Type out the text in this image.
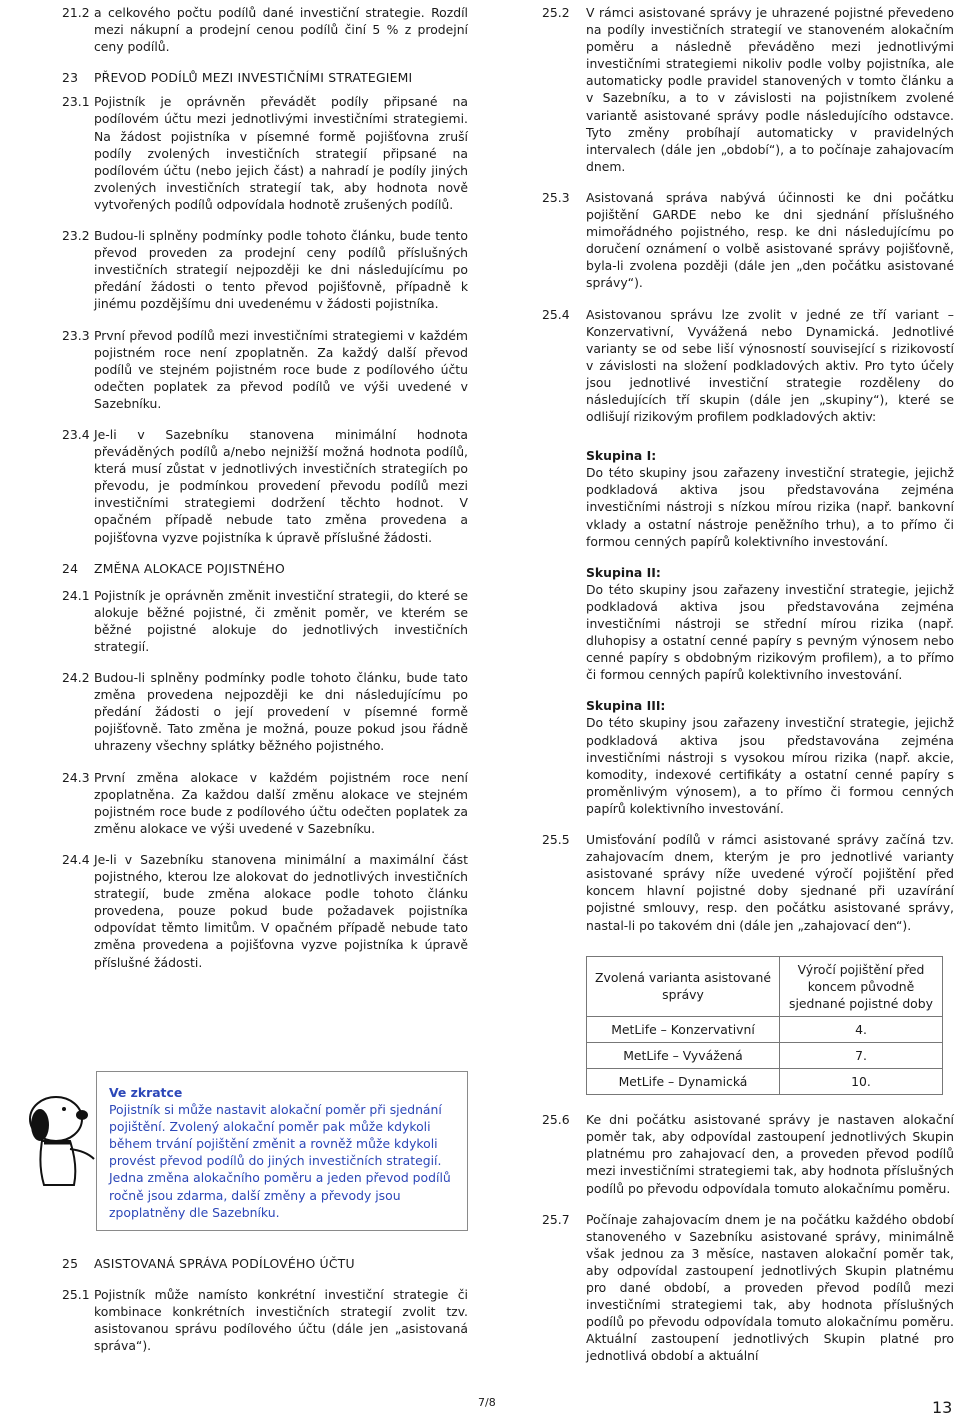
21.2 a celkového počtu podílů dané investiční strategie. Rozdíl mezi nákupní a prodejní cenou podílů činí 5 % z prodejní ceny podílů.
23 PŘEVOD PODÍLŮ MEZI INVESTIČNÍMI STRATEGIEMI
23.1 Pojistník je oprávněn převádět podíly připsané na podílovém účtu mezi jednotlivými investičními strategiemi. Na žádost pojistníka v písemné formě pojišťovna zruší podíly zvolených investičních strategií připsané na podílovém účtu (nebo jejich část) a nahradí je podíly jiných zvolených investičních strategií tak, aby hodnota nově vytvořených podílů odpovídala hodnotě zrušených podílů.
23.2 Budou-li splněny podmínky podle tohoto článku, bude tento převod proveden za prodejní ceny podílů příslušných investičních strategií nejpozději ke dni následujícímu po předání žádosti o tento převod pojišťovně, případně k jinému pozdějšímu dni uvedenému v žádosti pojistníka.
23.3 První převod podílů mezi investičními strategiemi v každém pojistném roce není zpoplatněn. Za každý další převod podílů ve stejném pojistném roce bude z podílového účtu odečten poplatek za převod podílů ve výši uvedené v Sazebníku.
23.4 Je-li v Sazebníku stanovena minimální hodnota převáděných podílů a/nebo nejnižší možná hodnota podílů, která musí zůstat v jednotlivých investičních strategiích po převodu, je podmínkou provedení převodu podílů mezi investičními strategiemi dodržení těchto hodnot. V opačném případě nebude tato změna provedena a pojišťovna vyzve pojistníka k úpravě příslušné žádosti.
24 ZMĚNA ALOKACE POJISTNÉHO
24.1 Pojistník je oprávněn změnit investiční strategii, do které se alokuje běžné pojistné, či změnit poměr, ve kterém se běžné pojistné alokuje do jednotlivých investičních strategií.
24.2 Budou-li splněny podmínky podle tohoto článku, bude tato změna provedena nejpozději ke dni následujícímu po předání žádosti o její provedení v písemné formě pojišťovně. Tato změna je možná, pouze pokud jsou řádně uhrazeny všechny splátky běžného pojistného.
24.3 První změna alokace v každém pojistném roce není zpoplatněna. Za každou další změnu alokace ve stejném pojistném roce bude z podílového účtu odečten poplatek za změnu alokace ve výši uvedené v Sazebníku.
24.4 Je-li v Sazebníku stanovena minimální a maximální část pojistného, kterou lze alokovat do jednotlivých investičních strategií, bude změna alokace podle tohoto článku provedena, pouze pokud bude požadavek pojistníka odpovídat těmto limitům. V opačném případě nebude tato změna provedena a pojišťovna vyzve pojistníka k úpravě příslušné žádosti.
Ve zkratce
Pojistník si může nastavit alokační poměr při sjednání pojištění. Zvolený alokační poměr pak může kdykoli během trvání pojištění změnit a rovněž může kdykoli provést převod podílů do jiných investičních strategií. Jedna změna alokačního poměru a jeden převod podílů ročně jsou zdarma, další změny a převody jsou zpoplatněny dle Sazebníku.
25 ASISTOVANÁ SPRÁVA PODÍLOVÉHO ÚČTU
25.1 Pojistník může namísto konkrétní investiční strategie či kombinace konkrétních investičních strategií zvolit tzv. asistovanou správu podílového účtu (dále jen „asistovaná správa“).
25.2 V rámci asistované správy je uhrazené pojistné převedeno na podíly investičních strategií ve stanoveném alokačním poměru a následně převáděno mezi jednotlivými investičními strategiemi nikoliv podle volby pojistníka, ale automaticky podle pravidel stanovených v tomto článku a v Sazebníku, a to v závislosti na pojistníkem zvolené variantě asistované správy podle následujícího odstavce. Tyto změny probíhají automaticky v pravidelných intervalech (dále jen „období“), a to počínaje zahajovacím dnem.
25.3 Asistovaná správa nabývá účinnosti ke dni počátku pojištění GARDE nebo ke dni sjednání příslušného mimořádného pojistného, resp. ke dni následujícímu po doručení oznámení o volbě asistované správy pojišťovně, byla-li zvolena později (dále jen „den počátku asistované správy“).
25.4 Asistovanou správu lze zvolit v jedné ze tří variant – Konzervativní, Vyvážená nebo Dynamická. Jednotlivé varianty se od sebe liší výnosností související s rizikovostí v závislosti na složení podkladových aktiv. Pro tyto účely jsou jednotlivé investiční strategie rozděleny do následujících tří skupin (dále jen „skupiny“), které se odlišují rizikovým profilem podkladových aktiv:
Skupina I:
Do této skupiny jsou zařazeny investiční strategie, jejichž podkladová aktiva jsou představována zejména investičními nástroji s nízkou mírou rizika (např. bankovní vklady a ostatní nástroje peněžního trhu), a to přímo či formou cenných papírů kolektivního investování.
Skupina II:
Do této skupiny jsou zařazeny investiční strategie, jejichž podkladová aktiva jsou představována zejména investičními nástroji se střední mírou rizika (např. dluhopisy a ostatní cenné papíry s pevným výnosem nebo cenné papíry s obdobným rizikovým profilem), a to přímo či formou cenných papírů kolektivního investování.
Skupina III:
Do této skupiny jsou zařazeny investiční strategie, jejichž podkladová aktiva jsou představována zejména investičními nástroji s vysokou mírou rizika (např. akcie, komodity, indexové certifikáty a ostatní cenné papíry s proměnlivým výnosem), a to přímo či formou cenných papírů kolektivního investování.
25.5 Umisťování podílů v rámci asistované správy začíná tzv. zahajovacím dnem, kterým je pro jednotlivé varianty asistované správy níže uvedené výročí pojištění před koncem hlavní pojistné doby sjednané při uzavírání pojistné smlouvy, resp. den počátku asistované správy, nastal-li po takovém dni (dále jen „zahajovací den“).
Zvolená varianta asistované správy	Výročí pojištění před koncem původně sjednané pojistné doby
MetLife – Konzervativní	4.
MetLife – Vyvážená	7.
MetLife – Dynamická	10.
25.6 Ke dni počátku asistované správy je nastaven alokační poměr tak, aby odpovídal zastoupení jednotlivých Skupin platnému pro zahajovací den, a proveden převod podílů mezi investičními strategiemi tak, aby hodnota příslušných podílů po převodu odpovídala tomuto alokačnímu poměru.
25.7 Počínaje zahajovacím dnem je na počátku každého období stanoveného v Sazebníku asistované správy, minimálně však jednou za 3 měsíce, nastaven alokační poměr tak, aby odpovídal zastoupení jednotlivých Skupin platnému pro dané období, a proveden převod podílů mezi investičními strategiemi tak, aby hodnota příslušných podílů po převodu odpovídala tomuto alokačnímu poměru. Aktuální zastoupení jednotlivých Skupin platné pro jednotlivá období a aktuální
7/8	13
